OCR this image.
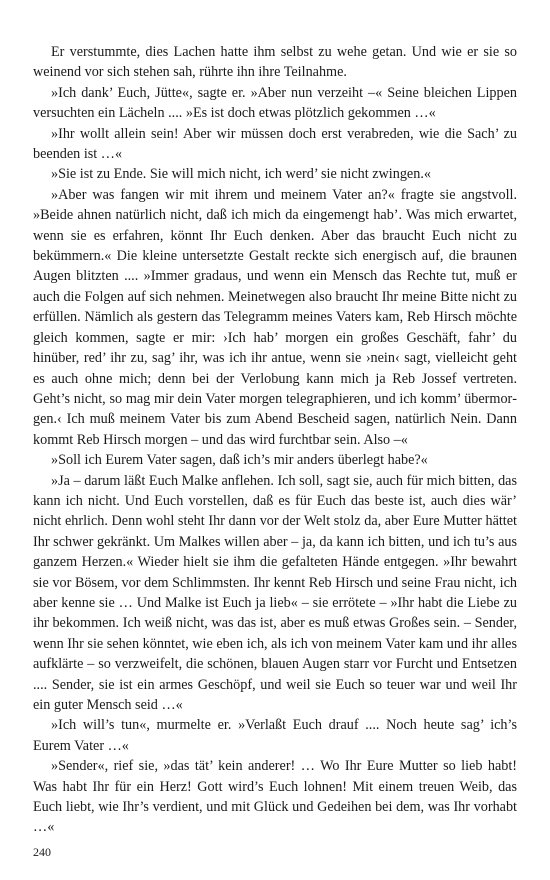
Er verstummte, dies Lachen hatte ihm selbst zu wehe getan. Und wie er sie so weinend vor sich stehen sah, rührte ihn ihre Teilnahme.

»Ich dank’ Euch, Jütte«, sagte er. »Aber nun verzeiht –« Seine bleichen Lippen versuchten ein Lächeln .... »Es ist doch etwas plötzlich gekommen …«

»Ihr wollt allein sein! Aber wir müssen doch erst verabreden, wie die Sach’ zu beenden ist …«

»Sie ist zu Ende. Sie will mich nicht, ich werd’ sie nicht zwingen.«

»Aber was fangen wir mit ihrem und meinem Vater an?« fragte sie angstvoll. »Beide ahnen natürlich nicht, daß ich mich da eingemengt hab’. Was mich erwartet, wenn sie es erfahren, könnt Ihr Euch denken. Aber das braucht Euch nicht zu bekümmern.« Die kleine untersetzte Gestalt reckte sich energisch auf, die braunen Augen blitzten .... »Immer gradaus, und wenn ein Mensch das Rechte tut, muß er auch die Folgen auf sich nehmen. Meinetwegen also braucht Ihr meine Bitte nicht zu erfüllen. Nämlich als gestern das Telegramm meines Vaters kam, Reb Hirsch möchte gleich kommen, sagte er mir: ›Ich hab’ morgen ein großes Geschäft, fahr’ du hinüber, red’ ihr zu, sag’ ihr, was ich ihr antue, wenn sie ›nein‹ sagt, vielleicht geht es auch ohne mich; denn bei der Verlobung kann mich ja Reb Jossef vertreten. Geht’s nicht, so mag mir dein Vater morgen telegraphieren, und ich komm’ übermorgen.‹ Ich muß meinem Vater bis zum Abend Bescheid sagen, natürlich Nein. Dann kommt Reb Hirsch morgen – und das wird furchtbar sein. Also –«

»Soll ich Eurem Vater sagen, daß ich’s mir anders überlegt habe?«

»Ja – darum läßt Euch Malke anflehen. Ich soll, sagt sie, auch für mich bitten, das kann ich nicht. Und Euch vorstellen, daß es für Euch das beste ist, auch dies wär’ nicht ehrlich. Denn wohl steht Ihr dann vor der Welt stolz da, aber Eure Mutter hättet Ihr schwer gekränkt. Um Malkes willen aber – ja, da kann ich bitten, und ich tu’s aus ganzem Herzen.« Wieder hielt sie ihm die gefalteten Hände entgegen. »Ihr bewahrt sie vor Bösem, vor dem Schlimmsten. Ihr kennt Reb Hirsch und seine Frau nicht, ich aber kenne sie … Und Malke ist Euch ja lieb« – sie errötete – »Ihr habt die Liebe zu ihr bekommen. Ich weiß nicht, was das ist, aber es muß etwas Großes sein. – Sender, wenn Ihr sie sehen könntet, wie eben ich, als ich von meinem Vater kam und ihr alles aufklärte – so verzweifelt, die schönen, blauen Augen starr vor Furcht und Entsetzen .... Sender, sie ist ein armes Geschöpf, und weil sie Euch so teuer war und weil Ihr ein guter Mensch seid …«

»Ich will’s tun«, murmelte er. »Verlaßt Euch drauf .... Noch heute sag’ ich’s Eurem Vater …«

»Sender«, rief sie, »das tät’ kein anderer! … Wo Ihr Eure Mutter so lieb habt! Was habt Ihr für ein Herz! Gott wird’s Euch lohnen! Mit einem treuen Weib, das Euch liebt, wie Ihr’s verdient, und mit Glück und Gedeihen bei dem, was Ihr vorhabt …«

240
